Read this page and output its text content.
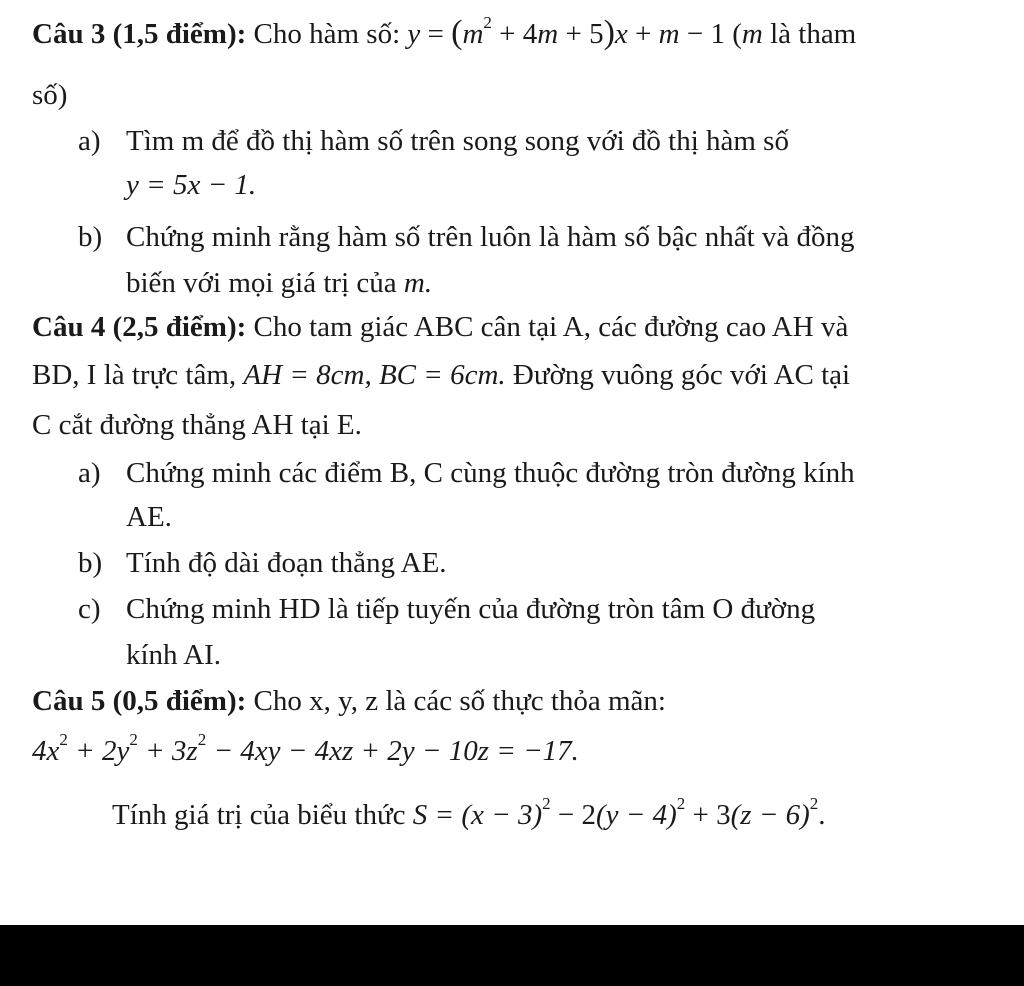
Câu 3 (1,5 điểm): Cho hàm số: $y = (m^2 + 4m + 5)x + m - 1$ (m là tham
số)
a) Tìm m để đồ thị hàm số trên song song với đồ thị hàm số
y = 5x − 1.
b) Chứng minh rằng hàm số trên luôn là hàm số bậc nhất và đồng
biến với mọi giá trị của m.
Câu 4 (2,5 điểm): Cho tam giác ABC cân tại A, các đường cao AH và
BD, I là trực tâm, AH = 8cm, BC = 6cm. Đường vuông góc với AC tại
C cắt đường thẳng AH tại E.
a) Chứng minh các điểm B, C cùng thuộc đường tròn đường kính
AE.
b) Tính độ dài đoạn thẳng AE.
c) Chứng minh HD là tiếp tuyến của đường tròn tâm O đường
kính AI.
Câu 5 (0,5 điểm): Cho x, y, z là các số thực thỏa mãn:
$4x^2 + 2y^2 + 3z^2 - 4xy - 4xz + 2y - 10z = -17$.
Tính giá trị của biểu thức $S = (x - 3)^2 - 2(y - 4)^2 + 3(z - 6)^2$.
